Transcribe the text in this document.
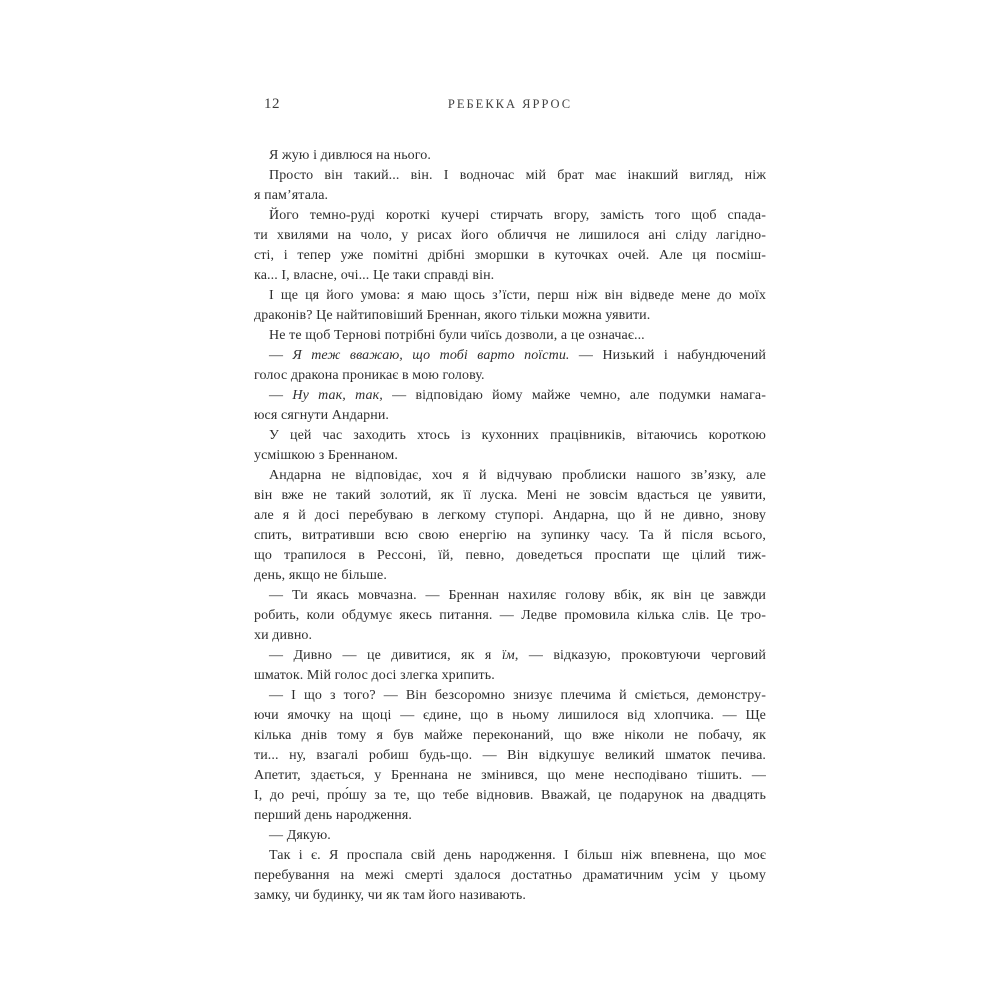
12	РЕБЕККА ЯРРОС
Я жую і дивлюся на нього.
Просто він такий... він. І водночас мій брат має інакший вигляд, ніж
я пам’ятала.
Його темно-руді короткі кучері стирчать вгору, замість того щоб спада-
ти хвилями на чоло, у рисах його обличчя не лишилося ані сліду лагідно-
сті, і тепер уже помітні дрібні зморшки в куточках очей. Але ця посміш-
ка... І, власне, очі... Це таки справді він.
І ще ця його умова: я маю щось з’їсти, перш ніж він відведе мене до моїх
драконів? Це найтиповіший Бреннан, якого тільки можна уявити.
Не те щоб Тернові потрібні були чиїсь дозволи, а це означає...
— Я теж вважаю, що тобі варто поїсти. — Низький і набундючений
голос дракона проникає в мою голову.
— Ну так, так, — відповідаю йому майже чемно, але подумки намага-
юся сягнути Андарни.
У цей час заходить хтось із кухонних працівників, вітаючись короткою
усмішкою з Бреннаном.
Андарна не відповідає, хоч я й відчуваю проблиски нашого зв’язку, але
він вже не такий золотий, як її луска. Мені не зовсім вдасться це уявити,
але я й досі перебуваю в легкому ступорі. Андарна, що й не дивно, знову
спить, витративши всю свою енергію на зупинку часу. Та й після всього,
що трапилося в Рессоні, їй, певно, доведеться проспати ще цілий тиж-
день, якщо не більше.
— Ти якась мовчазна. — Бреннан нахиляє голову вбік, як він це завжди
робить, коли обдумує якесь питання. — Ледве промовила кілька слів. Це тро-
хи дивно.
— Дивно — це дивитися, як я їм, — відказую, проковтуючи черговий
шматок. Мій голос досі злегка хрипить.
— І що з того? — Він безсоромно знизує плечима й сміється, демонстру-
ючи ямочку на щоці — єдине, що в ньому лишилося від хлопчика. — Ще
кілька днів тому я був майже переконаний, що вже ніколи не побачу, як
ти... ну, взагалі робиш будь-що. — Він відкушує великий шматок печива.
Апетит, здається, у Бреннана не змінився, що мене несподівано тішить. —
І, до речі, про́шу за те, що тебе відновив. Вважай, це подарунок на двадцять
перший день народження.
— Дякую.
Так і є. Я проспала свій день народження. І більш ніж впевнена, що моє
перебування на межі смерті здалося достатньо драматичним усім у цьому
замку, чи будинку, чи як там його називають.
